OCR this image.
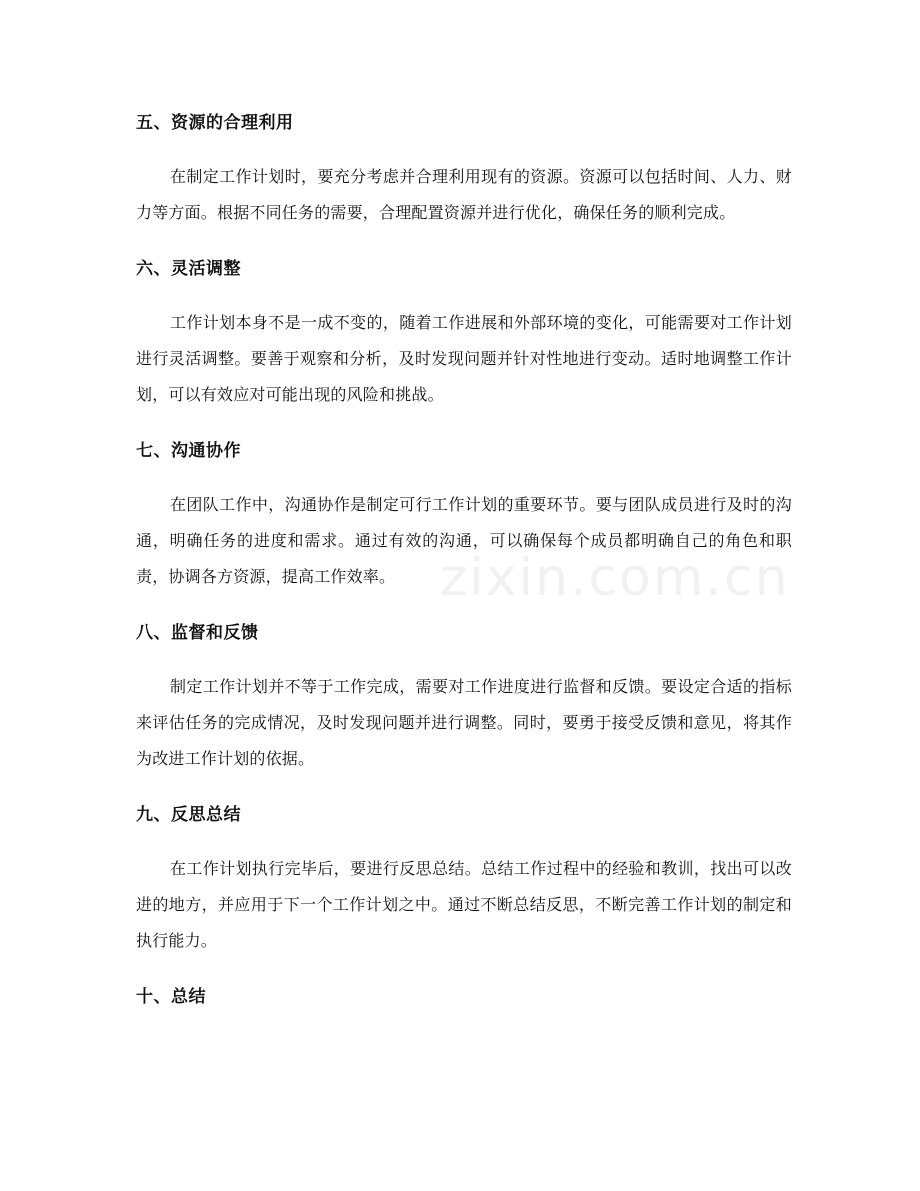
五、资源的合理利用

在制定工作计划时，要充分考虑并合理利用现有的资源。资源可以包括时间、人力、财力等方面。根据不同任务的需要，合理配置资源并进行优化，确保任务的顺利完成。

六、灵活调整

工作计划本身不是一成不变的，随着工作进展和外部环境的变化，可能需要对工作计划进行灵活调整。要善于观察和分析，及时发现问题并针对性地进行变动。适时地调整工作计划，可以有效应对可能出现的风险和挑战。

七、沟通协作

在团队工作中，沟通协作是制定可行工作计划的重要环节。要与团队成员进行及时的沟通，明确任务的进度和需求。通过有效的沟通，可以确保每个成员都明确自己的角色和职责，协调各方资源，提高工作效率。

八、监督和反馈

制定工作计划并不等于工作完成，需要对工作进度进行监督和反馈。要设定合适的指标来评估任务的完成情况，及时发现问题并进行调整。同时，要勇于接受反馈和意见，将其作为改进工作计划的依据。

九、反思总结

在工作计划执行完毕后，要进行反思总结。总结工作过程中的经验和教训，找出可以改进的地方，并应用于下一个工作计划之中。通过不断总结反思，不断完善工作计划的制定和执行能力。

十、总结
zixin.com.cn
